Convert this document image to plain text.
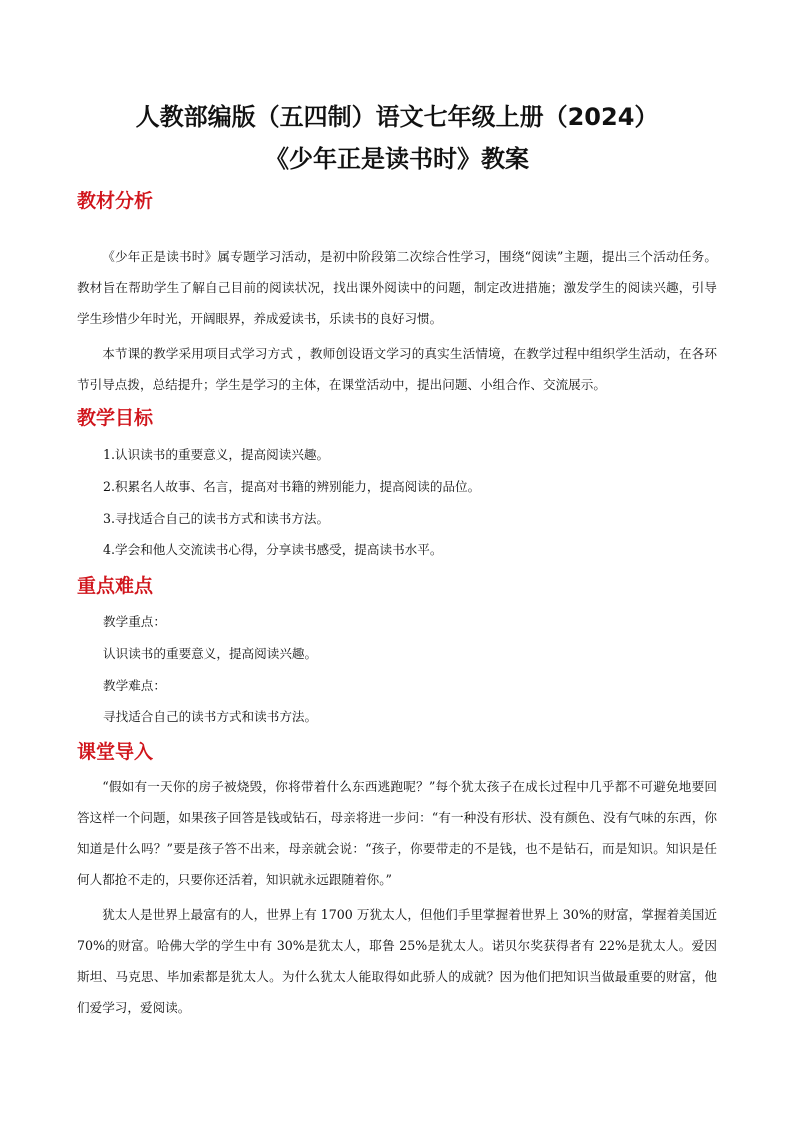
人教部编版（五四制）语文七年级上册（2024）
《少年正是读书时》教案
教材分析
《少年正是读书时》属专题学习活动，是初中阶段第二次综合性学习，围绕“阅读”主题，提出三个活动任务。教材旨在帮助学生了解自己目前的阅读状况，找出课外阅读中的问题，制定改进措施；激发学生的阅读兴趣，引导学生珍惜少年时光，开阔眼界，养成爱读书，乐读书的良好习惯。
本节课的教学采用项目式学习方式 ，教师创设语文学习的真实生活情境，在教学过程中组织学生活动，在各环节引导点拨，总结提升；学生是学习的主体，在课堂活动中，提出问题、小组合作、交流展示。
教学目标
1.认识读书的重要意义，提高阅读兴趣。
2.积累名人故事、名言，提高对书籍的辨别能力，提高阅读的品位。
3.寻找适合自己的读书方式和读书方法。
4.学会和他人交流读书心得，分享读书感受，提高读书水平。
重点难点
教学重点：
认识读书的重要意义，提高阅读兴趣。
教学难点：
寻找适合自己的读书方式和读书方法。
课堂导入
“假如有一天你的房子被烧毁，你将带着什么东西逃跑呢？”每个犹太孩子在成长过程中几乎都不可避免地要回答这样一个问题，如果孩子回答是钱或钻石，母亲将进一步问：“有一种没有形状、没有颜色、没有气味的东西，你知道是什么吗？”要是孩子答不出来，母亲就会说：“孩子，你要带走的不是钱，也不是钻石，而是知识。知识是任何人都抢不走的，只要你还活着，知识就永远跟随着你。”
犹太人是世界上最富有的人，世界上有 1700 万犹太人，但他们手里掌握着世界上 30%的财富，掌握着美国近 70%的财富。哈佛大学的学生中有 30%是犹太人，耶鲁 25%是犹太人。诺贝尔奖获得者有 22%是犹太人。爱因斯坦、马克思、毕加索都是犹太人。为什么犹太人能取得如此骄人的成就？因为他们把知识当做最重要的财富，他们爱学习，爱阅读。
